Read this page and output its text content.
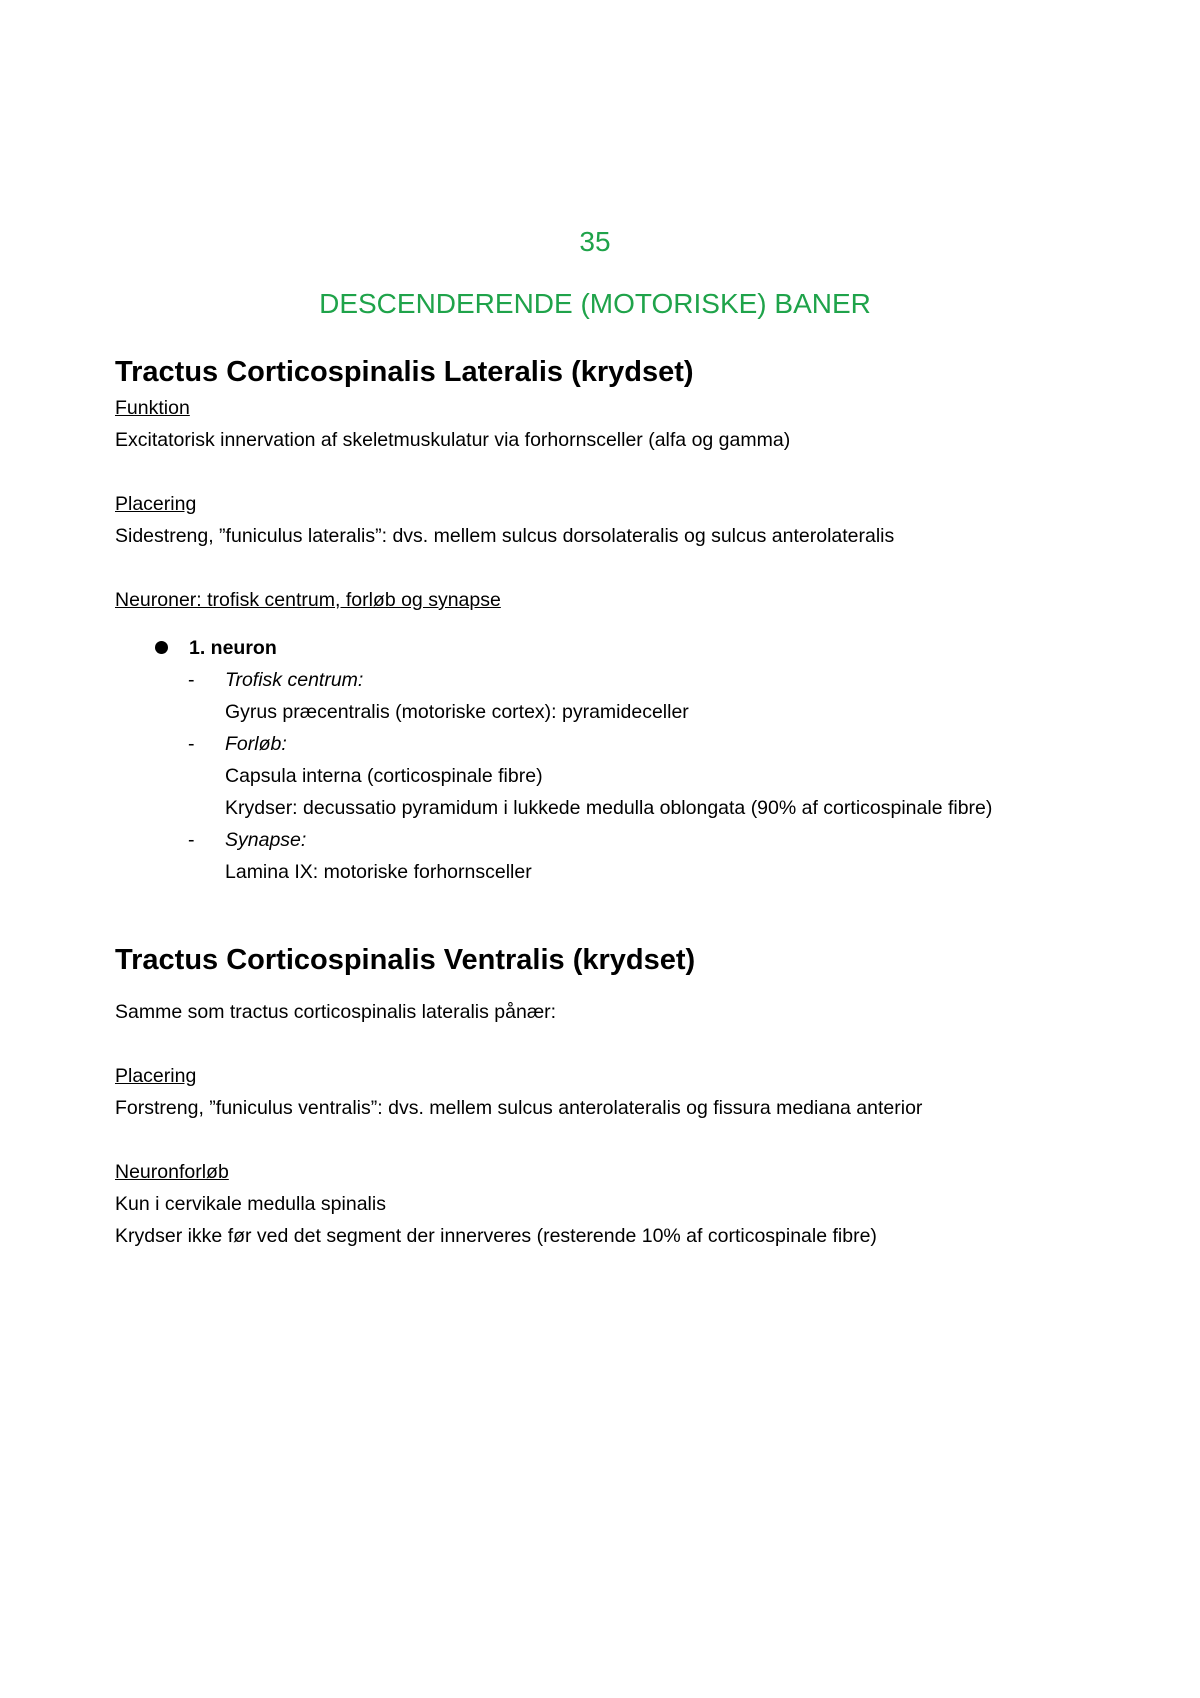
35

DESCENDERENDE (MOTORISKE) BANER

Tractus Corticospinalis Lateralis (krydset)

Funktion

Excitatorisk innervation af skeletmuskulatur via forhornsceller (alfa og gamma)

Placering

Sidestreng, ”funiculus lateralis”: dvs. mellem sulcus dorsolateralis og sulcus anterolateralis

Neuroner: trofisk centrum, forløb og synapse

1. neuron

- Trofisk centrum:

Gyrus præcentralis (motoriske cortex): pyramideceller

- Forløb:

Capsula interna (corticospinale fibre)

Krydser: decussatio pyramidum i lukkede medulla oblongata (90% af corticospinale fibre)

- Synapse:

Lamina IX: motoriske forhornsceller

Tractus Corticospinalis Ventralis (krydset)

Samme som tractus corticospinalis lateralis pånær:

Placering

Forstreng, ”funiculus ventralis”: dvs. mellem sulcus anterolateralis og fissura mediana anterior

Neuronforløb

Kun i cervikale medulla spinalis

Krydser ikke før ved det segment der innerveres (resterende 10% af corticospinale fibre)
